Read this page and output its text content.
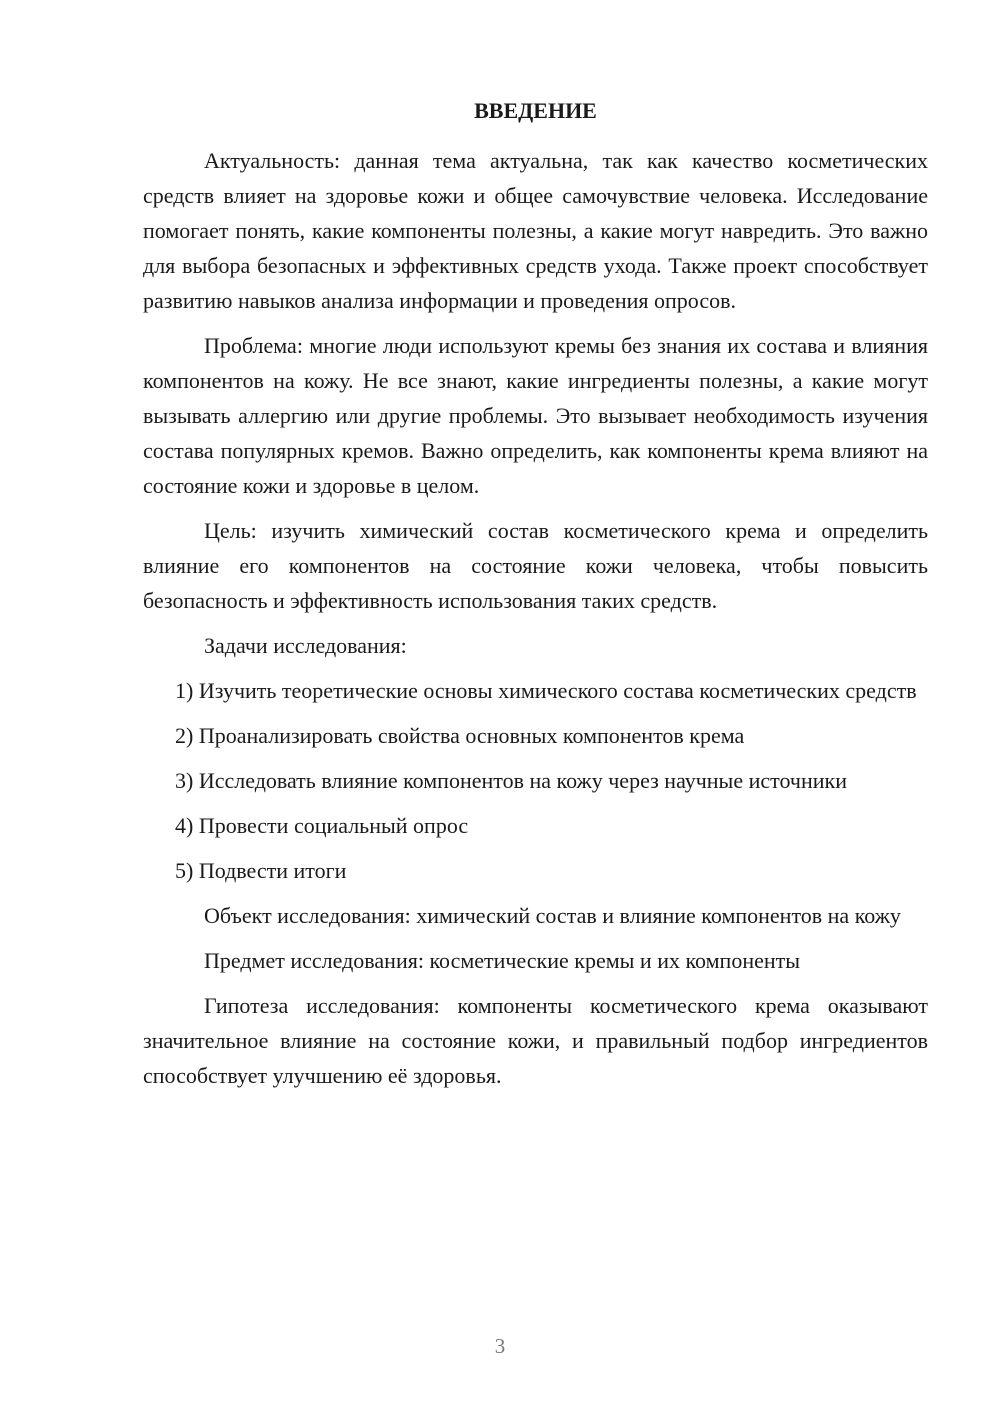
ВВЕДЕНИЕ

Актуальность: данная тема актуальна, так как качество косметических средств влияет на здоровье кожи и общее самочувствие человека. Исследование помогает понять, какие компоненты полезны, а какие могут навредить. Это важно для выбора безопасных и эффективных средств ухода. Также проект способствует развитию навыков анализа информации и проведения опросов.

Проблема: многие люди используют кремы без знания их состава и влияния компонентов на кожу. Не все знают, какие ингредиенты полезны, а какие могут вызывать аллергию или другие проблемы. Это вызывает необходимость изучения состава популярных кремов. Важно определить, как компоненты крема влияют на состояние кожи и здоровье в целом.

Цель: изучить химический состав косметического крема и определить влияние его компонентов на состояние кожи человека, чтобы повысить безопасность и эффективность использования таких средств.

Задачи исследования:

1) Изучить теоретические основы химического состава косметических средств

2) Проанализировать свойства основных компонентов крема

3) Исследовать влияние компонентов на кожу через научные источники

4) Провести социальный опрос

5) Подвести итоги

Объект исследования: химический состав и влияние компонентов на кожу

Предмет исследования: косметические кремы и их компоненты

Гипотеза исследования: компоненты косметического крема оказывают значительное влияние на состояние кожи, и правильный подбор ингредиентов способствует улучшению её здоровья.

3
